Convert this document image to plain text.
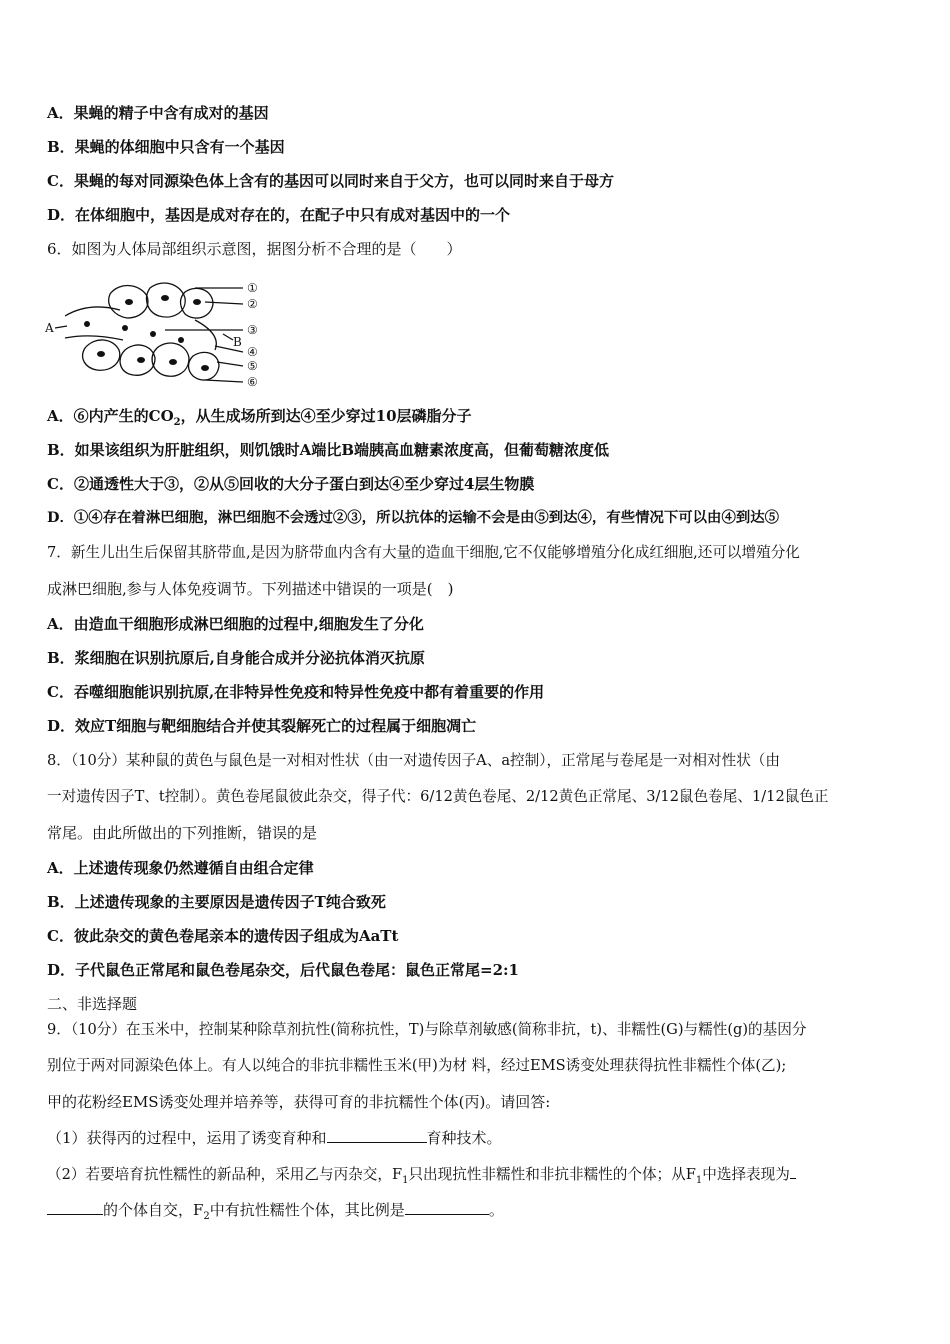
A．果蝇的精子中含有成对的基因
B．果蝇的体细胞中只含有一个基因
C．果蝇的每对同源染色体上含有的基因可以同时来自于父方，也可以同时来自于母方
D．在体细胞中，基因是成对存在的，在配子中只有成对基因中的一个
6．如图为人体局部组织示意图，据图分析不合理的是（　　）
①
②
③
④
⑤
⑥
A
B
A．⑥内产生的$CO_2$，从生成场所到达④至少穿过10层磷脂分子
B．如果该组织为肝脏组织，则饥饿时A端比B端胰高血糖素浓度高，但葡萄糖浓度低
C．②通透性大于③，②从⑤回收的大分子蛋白到达④至少穿过4层生物膜
D．①④存在着淋巴细胞，淋巴细胞不会透过②③，所以抗体的运输不会是由⑤到达④，有些情况下可以由④到达⑤
7．新生儿出生后保留其脐带血,是因为脐带血内含有大量的造血干细胞,它不仅能够增殖分化成红细胞,还可以增殖分化
成淋巴细胞,参与人体免疫调节。下列描述中错误的一项是(　)
A．由造血干细胞形成淋巴细胞的过程中,细胞发生了分化
B．浆细胞在识别抗原后,自身能合成并分泌抗体消灭抗原
C．吞噬细胞能识别抗原,在非特异性免疫和特异性免疫中都有着重要的作用
D．效应T细胞与靶细胞结合并使其裂解死亡的过程属于细胞凋亡
8．（10分）某种鼠的黄色与鼠色是一对相对性状（由一对遗传因子A、a控制），正常尾与卷尾是一对相对性状（由
一对遗传因子T、t控制）。黄色卷尾鼠彼此杂交，得子代：6/12黄色卷尾、2/12黄色正常尾、3/12鼠色卷尾、1/12鼠色正
常尾。由此所做出的下列推断，错误的是
A．上述遗传现象仍然遵循自由组合定律
B．上述遗传现象的主要原因是遗传因子T纯合致死
C．彼此杂交的黄色卷尾亲本的遗传因子组成为AaTt
D．子代鼠色正常尾和鼠色卷尾杂交，后代鼠色卷尾：鼠色正常尾=2:1
二、非选择题
9．（10分）在玉米中，控制某种除草剂抗性(简称抗性，T)与除草剂敏感(简称非抗，t)、非糯性(G)与糯性(g)的基因分
别位于两对同源染色体上。有人以纯合的非抗非糯性玉米(甲)为材 料，经过EMS诱变处理获得抗性非糯性个体(乙);
甲的花粉经EMS诱变处理并培养等，获得可育的非抗糯性个体(丙)。请回答:
（1）获得丙的过程中，运用了诱变育种和	育种技术。
（2）若要培育抗性糯性的新品种，采用乙与丙杂交，$F_1$只出现抗性非糯性和非抗非糯性的个体；从$F_1$中选择表现为
的个体自交，$F_2$中有抗性糯性个体，其比例是	。
